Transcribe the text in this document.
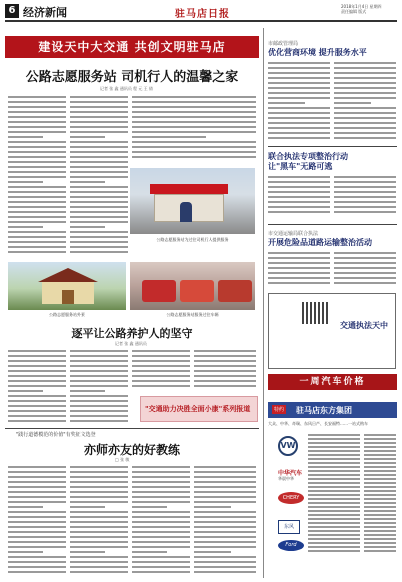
6 经济新闻	驻马店日报
2018年1月4日 星期四
责任编辑 版式
建设天中大交通 共创文明驻马店
公路志愿服务站 司机行人的温馨之家
记者 张 鑫 通讯员 程 元 王 倩
公路志愿服务站为过往司机行人提供服务
公路志愿服务站外景	公路志愿服务站服务过往车辆
逐平让公路养护人的坚守
记者 张 鑫 通讯员
"交通助力决胜全面小康"系列报道
"践行道德模范的价值"有奖征文选登
亦师亦友的好教练
□ 张 敏
市邮政管理局
优化营商环境 提升服务水平
联合执法专项整治行动
让"黑车"无路可逃
市交通运输局联合执法
开展危险品道路运输整治活动
交通执法天中
一周汽车价格
特约 驻马店东方集团
大众、中华、奇瑞、东风日产、长安福特……一站式购车
VW
中华汽车
华晨中华
CHERY
东风
Ford
